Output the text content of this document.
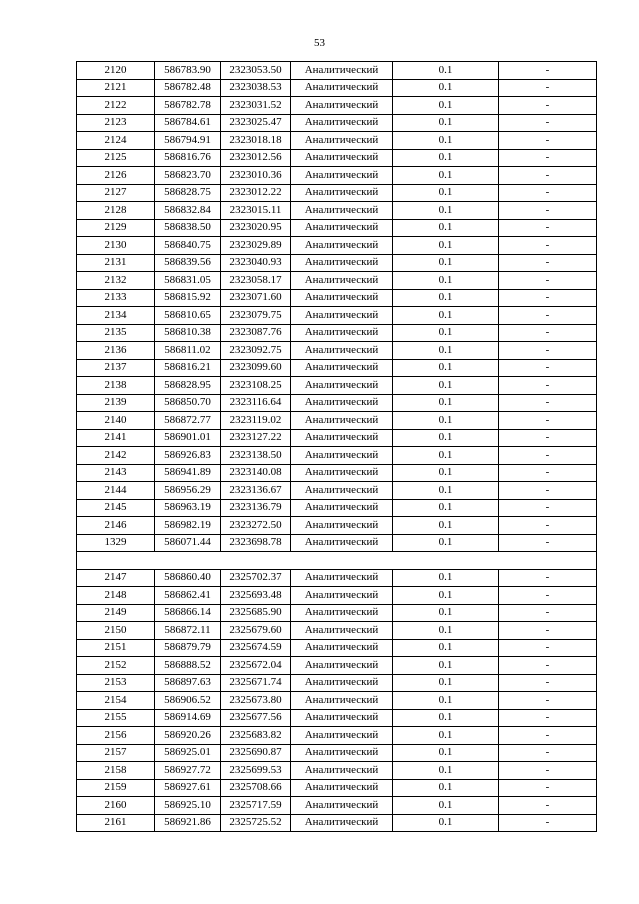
53
2120	586783.90	2323053.50	Аналитический	0.1	-
2121	586782.48	2323038.53	Аналитический	0.1	-
2122	586782.78	2323031.52	Аналитический	0.1	-
2123	586784.61	2323025.47	Аналитический	0.1	-
2124	586794.91	2323018.18	Аналитический	0.1	-
2125	586816.76	2323012.56	Аналитический	0.1	-
2126	586823.70	2323010.36	Аналитический	0.1	-
2127	586828.75	2323012.22	Аналитический	0.1	-
2128	586832.84	2323015.11	Аналитический	0.1	-
2129	586838.50	2323020.95	Аналитический	0.1	-
2130	586840.75	2323029.89	Аналитический	0.1	-
2131	586839.56	2323040.93	Аналитический	0.1	-
2132	586831.05	2323058.17	Аналитический	0.1	-
2133	586815.92	2323071.60	Аналитический	0.1	-
2134	586810.65	2323079.75	Аналитический	0.1	-
2135	586810.38	2323087.76	Аналитический	0.1	-
2136	586811.02	2323092.75	Аналитический	0.1	-
2137	586816.21	2323099.60	Аналитический	0.1	-
2138	586828.95	2323108.25	Аналитический	0.1	-
2139	586850.70	2323116.64	Аналитический	0.1	-
2140	586872.77	2323119.02	Аналитический	0.1	-
2141	586901.01	2323127.22	Аналитический	0.1	-
2142	586926.83	2323138.50	Аналитический	0.1	-
2143	586941.89	2323140.08	Аналитический	0.1	-
2144	586956.29	2323136.67	Аналитический	0.1	-
2145	586963.19	2323136.79	Аналитический	0.1	-
2146	586982.19	2323272.50	Аналитический	0.1	-
1329	586071.44	2323698.78	Аналитический	0.1	-

2147	586860.40	2325702.37	Аналитический	0.1	-
2148	586862.41	2325693.48	Аналитический	0.1	-
2149	586866.14	2325685.90	Аналитический	0.1	-
2150	586872.11	2325679.60	Аналитический	0.1	-
2151	586879.79	2325674.59	Аналитический	0.1	-
2152	586888.52	2325672.04	Аналитический	0.1	-
2153	586897.63	2325671.74	Аналитический	0.1	-
2154	586906.52	2325673.80	Аналитический	0.1	-
2155	586914.69	2325677.56	Аналитический	0.1	-
2156	586920.26	2325683.82	Аналитический	0.1	-
2157	586925.01	2325690.87	Аналитический	0.1	-
2158	586927.72	2325699.53	Аналитический	0.1	-
2159	586927.61	2325708.66	Аналитический	0.1	-
2160	586925.10	2325717.59	Аналитический	0.1	-
2161	586921.86	2325725.52	Аналитический	0.1	-
